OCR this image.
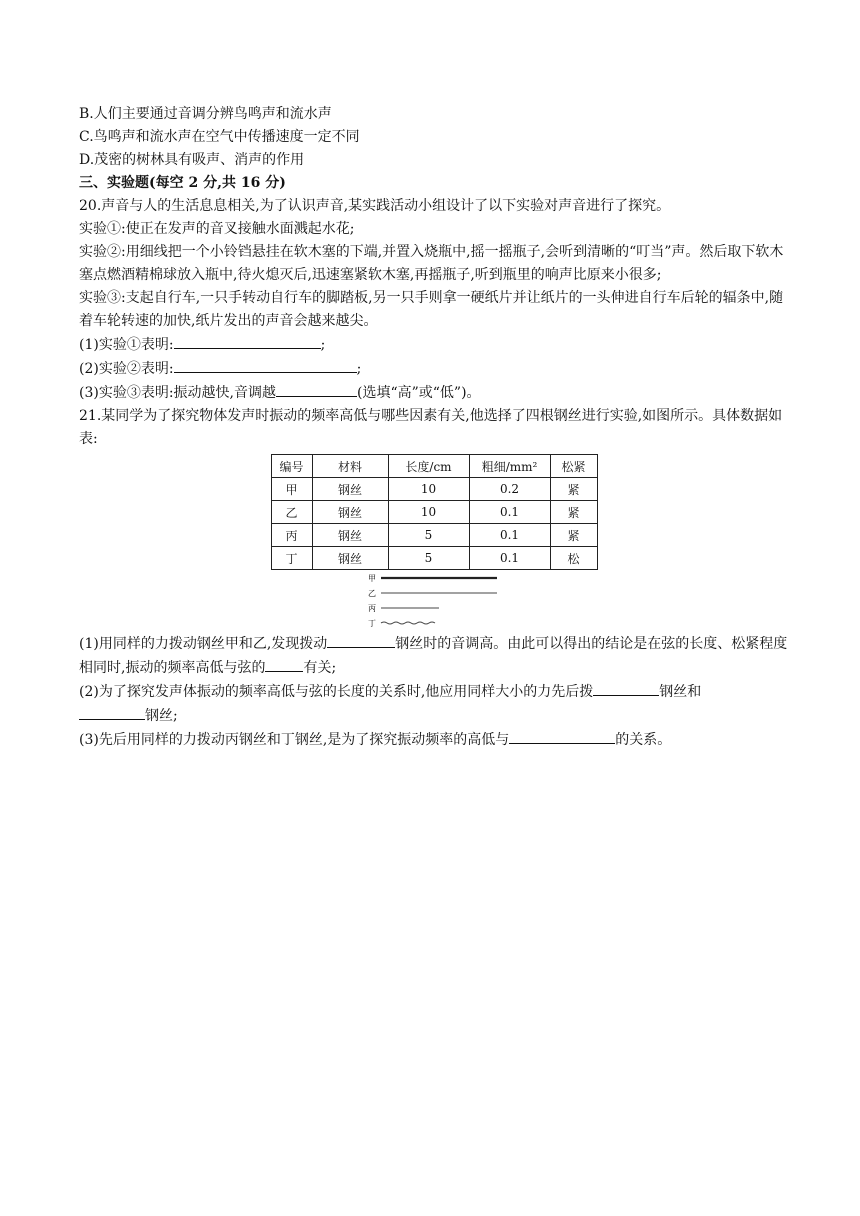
B.人们主要通过音调分辨鸟鸣声和流水声
C.鸟鸣声和流水声在空气中传播速度一定不同
D.茂密的树林具有吸声、消声的作用
三、实验题(每空 2 分,共 16 分)
20.声音与人的生活息息相关,为了认识声音,某实践活动小组设计了以下实验对声音进行了探究。
实验①:使正在发声的音叉接触水面溅起水花;
实验②:用细线把一个小铃铛悬挂在软木塞的下端,并置入烧瓶中,摇一摇瓶子,会听到清晰的“叮当”声。然后取下软木塞点燃酒精棉球放入瓶中,待火熄灭后,迅速塞紧软木塞,再摇瓶子,听到瓶里的响声比原来小很多;
实验③:支起自行车,一只手转动自行车的脚踏板,另一只手则拿一硬纸片并让纸片的一头伸进自行车后轮的辐条中,随着车轮转速的加快,纸片发出的声音会越来越尖。
(1)实验①表明:	;
(2)实验②表明:	;
(3)实验③表明:振动越快,音调越	(选填“高”或“低”)。
21.某同学为了探究物体发声时振动的频率高低与哪些因素有关,他选择了四根钢丝进行实验,如图所示。具体数据如表:
编号	材料	长度/cm	粗细/mm²	松紧
甲	钢丝	10	0.2	紧
乙	钢丝	10	0.1	紧
丙	钢丝	5	0.1	紧
丁	钢丝	5	0.1	松
甲
乙
丙
丁
(1)用同样的力拨动钢丝甲和乙,发现拨动	钢丝时的音调高。由此可以得出的结论是在弦的长度、松紧程度相同时,振动的频率高低与弦的	有关;
(2)为了探究发声体振动的频率高低与弦的长度的关系时,他应用同样大小的力先后拨	钢丝和
钢丝;
(3)先后用同样的力拨动丙钢丝和丁钢丝,是为了探究振动频率的高低与	的关系。
